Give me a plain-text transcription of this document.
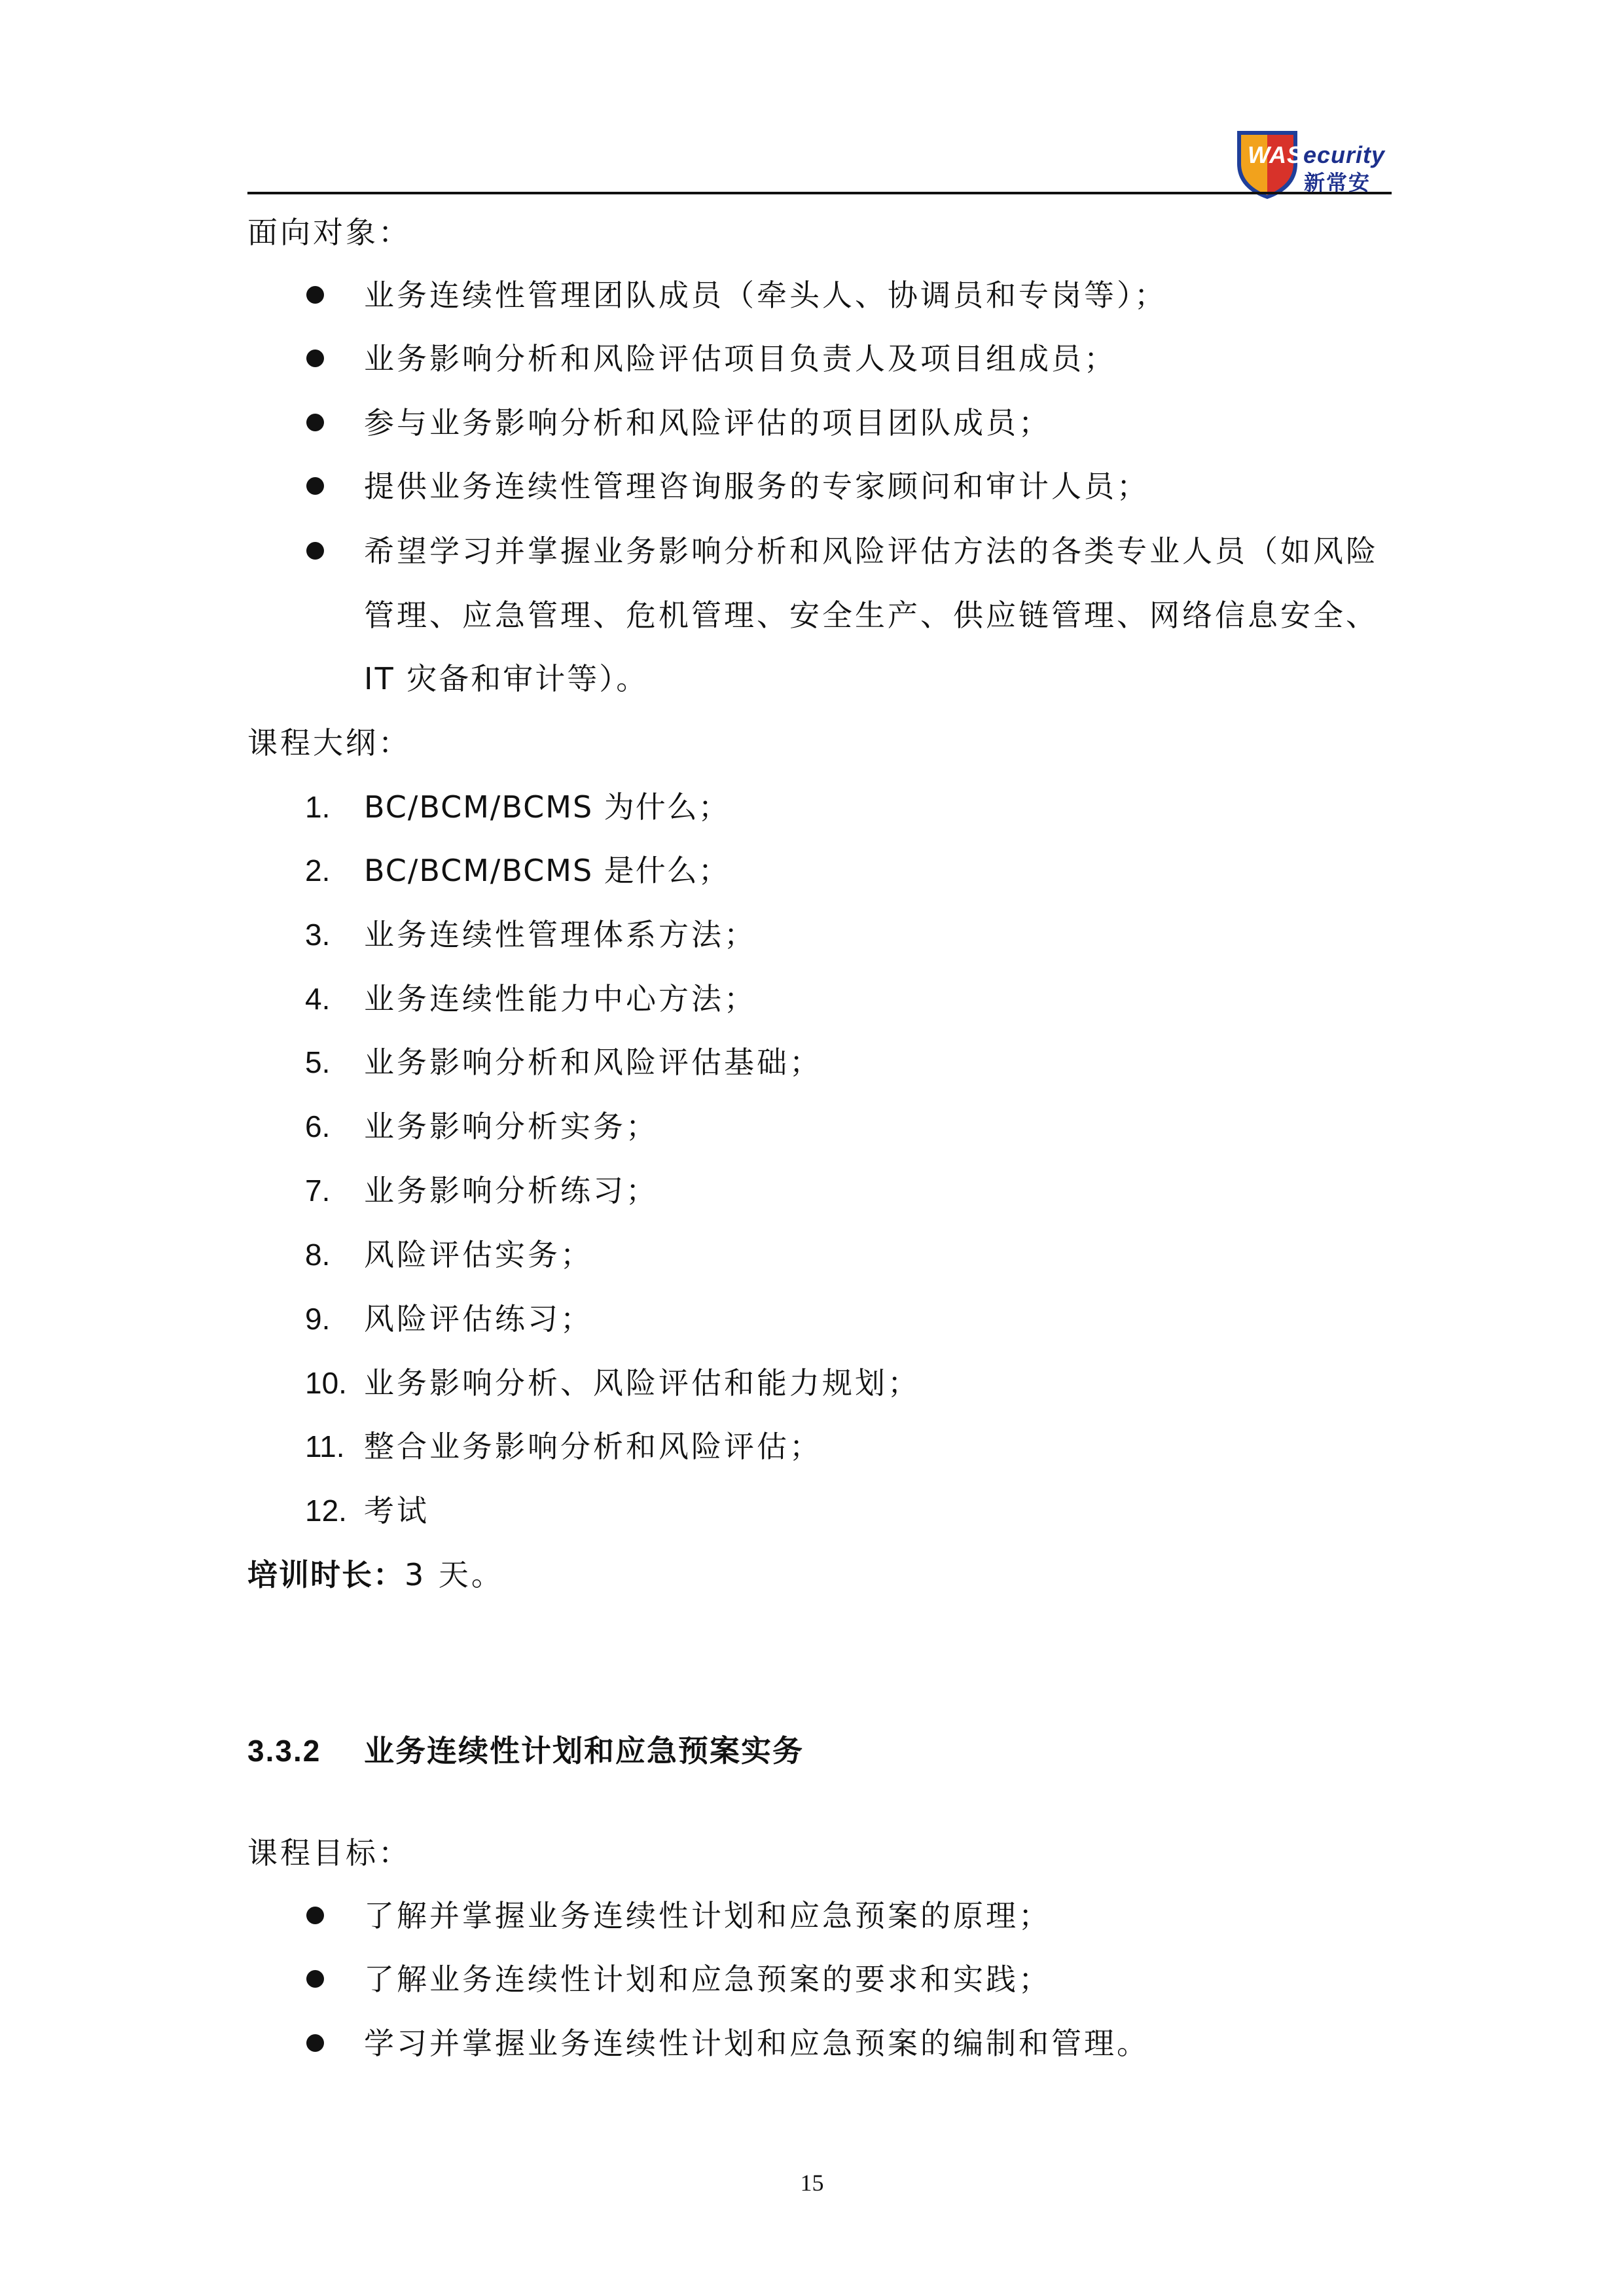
WASecurity
新常安
面向对象：
业务连续性管理团队成员（牵头人、协调员和专岗等）；
业务影响分析和风险评估项目负责人及项目组成员；
参与业务影响分析和风险评估的项目团队成员；
提供业务连续性管理咨询服务的专家顾问和审计人员；
希望学习并掌握业务影响分析和风险评估方法的各类专业人员（如风险
管理、应急管理、危机管理、安全生产、供应链管理、网络信息安全、
IT 灾备和审计等）。
课程大纲：
1. BC/BCM/BCMS 为什么；
2. BC/BCM/BCMS 是什么；
3. 业务连续性管理体系方法；
4. 业务连续性能力中心方法；
5. 业务影响分析和风险评估基础；
6. 业务影响分析实务；
7. 业务影响分析练习；
8. 风险评估实务；
9. 风险评估练习；
10. 业务影响分析、风险评估和能力规划；
11. 整合业务影响分析和风险评估；
12. 考试
培训时长：3 天。
3.3.2 业务连续性计划和应急预案实务
课程目标：
了解并掌握业务连续性计划和应急预案的原理；
了解业务连续性计划和应急预案的要求和实践；
学习并掌握业务连续性计划和应急预案的编制和管理。
15
